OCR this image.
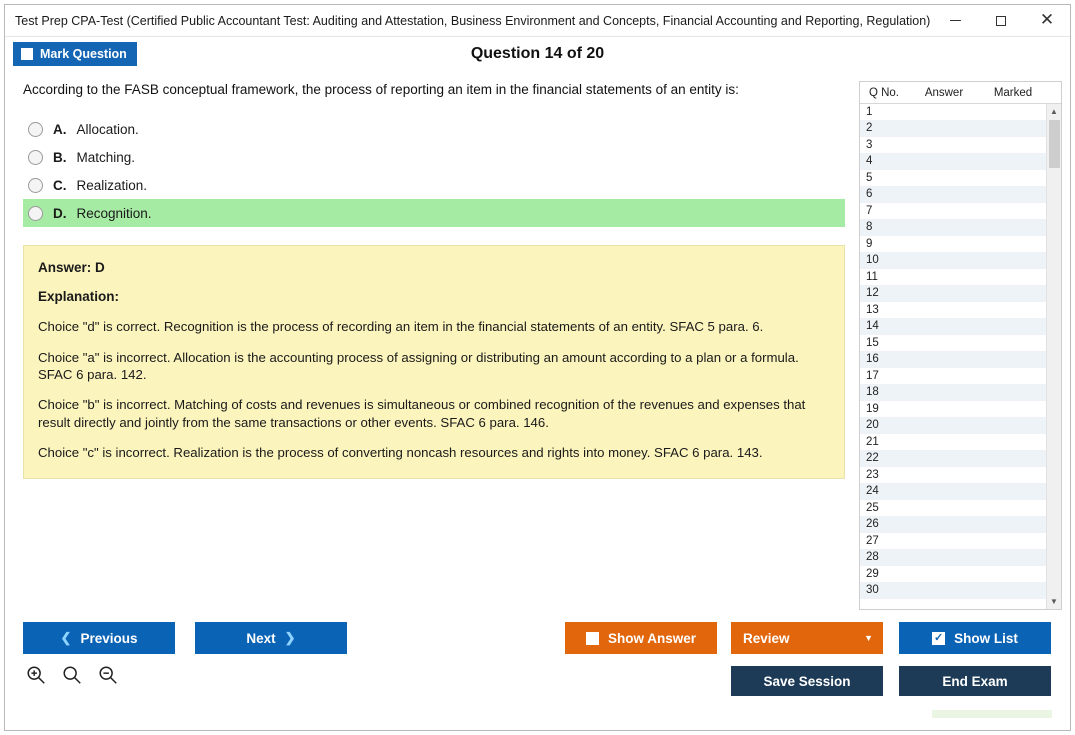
Test Prep CPA-Test (Certified Public Accountant Test: Auditing and Attestation, Business Environment and Concepts, Financial Accounting and Reporting, Regulation)	✕
Mark Question	Question 14 of 20
According to the FASB conceptual framework, the process of reporting an item in the financial statements of an entity is:
A. Allocation.
B. Matching.
C. Realization.
D. Recognition.
Answer: D
Explanation:

Choice "d" is correct. Recognition is the process of recording an item in the financial statements of an entity. SFAC 5 para. 6.

Choice "a" is incorrect. Allocation is the accounting process of assigning or distributing an amount according to a plan or a formula. SFAC 6 para. 142.

Choice "b" is incorrect. Matching of costs and revenues is simultaneous or combined recognition of the revenues and expenses that result directly and jointly from the same transactions or other events. SFAC 6 para. 146.

Choice "c" is incorrect. Realization is the process of converting noncash resources and rights into money. SFAC 6 para. 143.

Q No.	Answer	Marked
1
2
3
4
5
6
7
8
9
10
11
12
13
14
15
16
17
18
19
20
21
22
23
24
25
26
27
28
29
30
▲
▼
❮ Previous	Next ❯	Show Answer	Review	▼	✓ Show List
Save Session	End Exam
